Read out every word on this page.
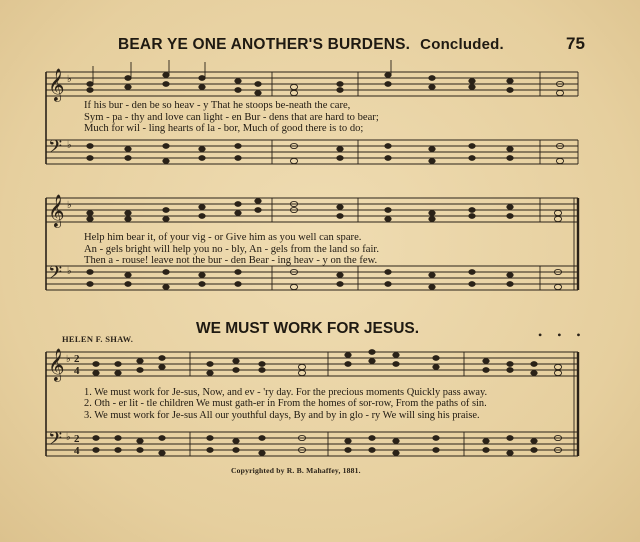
BEAR YE ONE ANOTHER'S BURDENS. Concluded.	75
𝄞
𝄢
♭
♭
If his bur - den be so heav - y That he stoops be-neath the care,
Sym - pa - thy and love can light - en Bur - dens that are hard to bear;
Much for wil - ling hearts of la - bor, Much of good there is to do;
𝄞
𝄢
♭
♭
Help him bear it, of your vig - or Give him as you well can spare.
An - gels bright will help you no - bly, An - gels from the land so fair.
Then a - rouse! leave not the bur - den Bear - ing heav - y on the few.
WE MUST WORK FOR JESUS.
HELEN F. SHAW.	• • •
𝄞
𝄢
♭
♭
2
4
2
4
1. We must work for Je-sus, Now, and ev - 'ry day. For the precious moments Quickly pass away.
2. Oth - er lit - tle children We must gath-er in From the homes of sor-row, From the paths of sin.
3. We must work for Je-sus All our youthful days, By and by in glo - ry We will sing his praise.
Copyrighted by R. B. Mahaffey, 1881.
